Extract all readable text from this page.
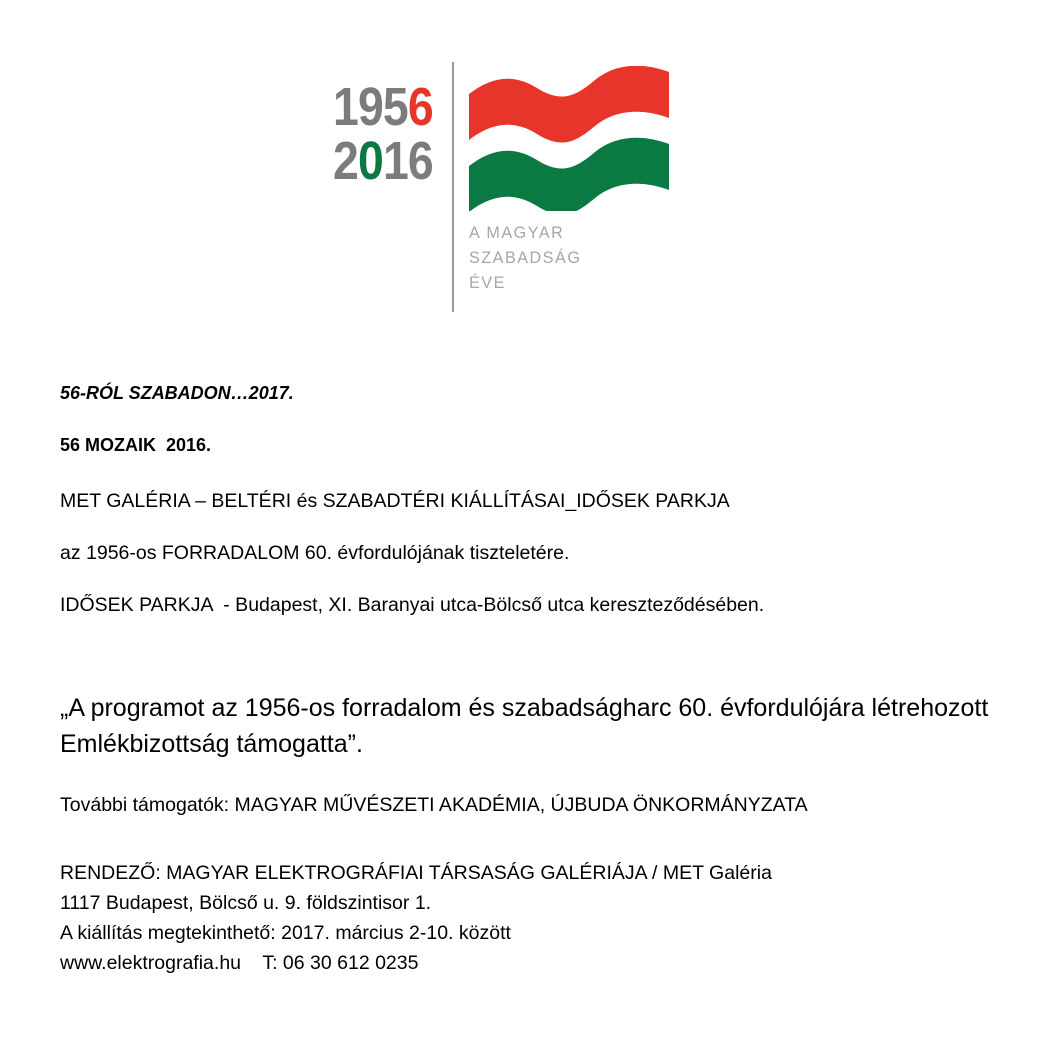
1956
2016
A MAGYAR
SZABADSÁG
ÉVE

56-RÓL SZABADON…2017.

56 MOZAIK  2016.

MET GALÉRIA – BELTÉRI és SZABADTÉRI KIÁLLÍTÁSAI_IDŐSEK PARKJA

az 1956-os FORRADALOM 60. évfordulójának tiszteletére.

IDŐSEK PARKJA  - Budapest, XI. Baranyai utca-Bölcső utca kereszteződésében.

„A programot az 1956-os forradalom és szabadságharc 60. évfordulójára létrehozott Emlékbizottság támogatta”.

További támogatók: MAGYAR MŰVÉSZETI AKADÉMIA, ÚJBUDA ÖNKORMÁNYZATA

RENDEZŐ: MAGYAR ELEKTROGRÁFIAI TÁRSASÁG GALÉRIÁJA / MET Galéria
1117 Budapest, Bölcső u. 9. földszintisor 1.
A kiállítás megtekinthető: 2017. március 2-10. között
www.elektrografia.hu    T: 06 30 612 0235
